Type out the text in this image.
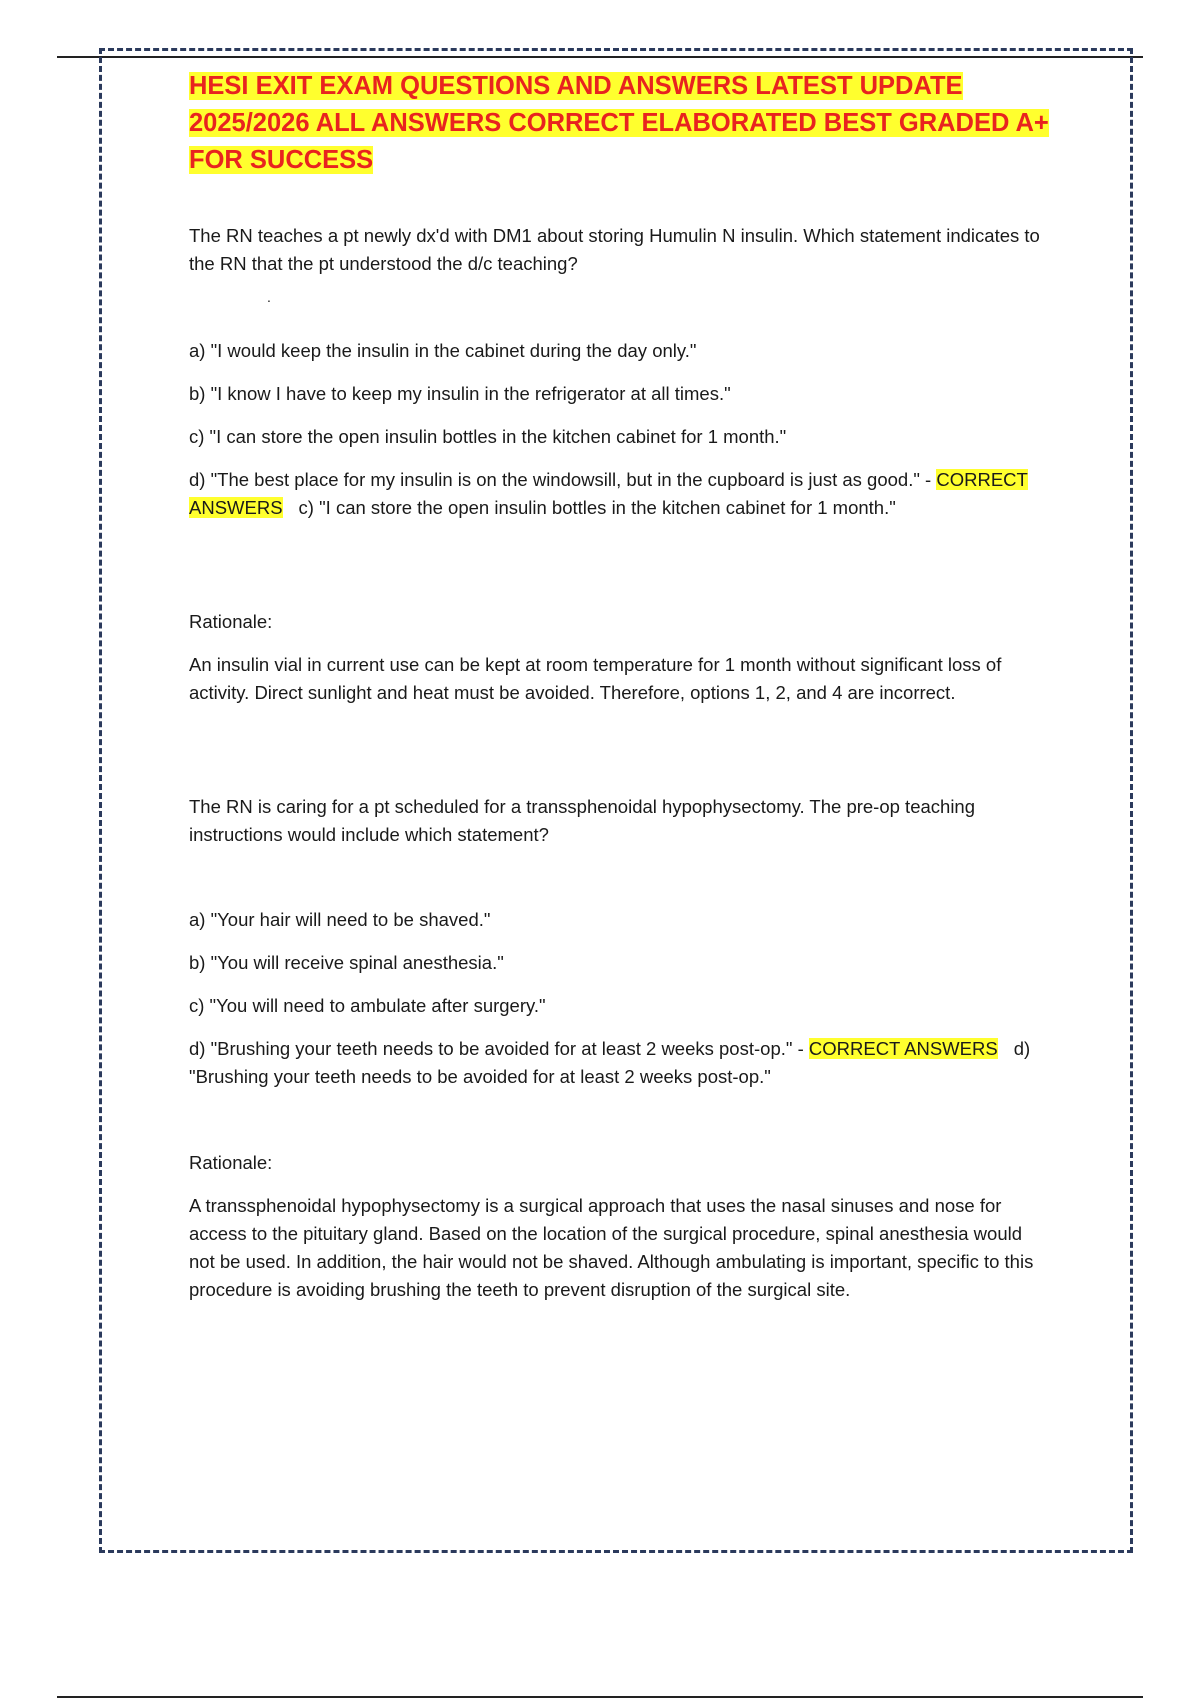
HESI EXIT EXAM QUESTIONS AND ANSWERS LATEST UPDATE 2025/2026 ALL ANSWERS CORRECT ELABORATED BEST GRADED A+ FOR SUCCESS

The RN teaches a pt newly dx'd with DM1 about storing Humulin N insulin. Which statement indicates to the RN that the pt understood the d/c teaching?

.

a) "I would keep the insulin in the cabinet during the day only."

b) "I know I have to keep my insulin in the refrigerator at all times."

c) "I can store the open insulin bottles in the kitchen cabinet for 1 month."

d) "The best place for my insulin is on the windowsill, but in the cupboard is just as good." - CORRECT ANSWERS c) "I can store the open insulin bottles in the kitchen cabinet for 1 month."

Rationale:

An insulin vial in current use can be kept at room temperature for 1 month without significant loss of activity. Direct sunlight and heat must be avoided. Therefore, options 1, 2, and 4 are incorrect.

The RN is caring for a pt scheduled for a transsphenoidal hypophysectomy. The pre-op teaching instructions would include which statement?

a) "Your hair will need to be shaved."

b) "You will receive spinal anesthesia."

c) "You will need to ambulate after surgery."

d) "Brushing your teeth needs to be avoided for at least 2 weeks post-op." - CORRECT ANSWERS d) "Brushing your teeth needs to be avoided for at least 2 weeks post-op."

Rationale:

A transsphenoidal hypophysectomy is a surgical approach that uses the nasal sinuses and nose for access to the pituitary gland. Based on the location of the surgical procedure, spinal anesthesia would not be used. In addition, the hair would not be shaved. Although ambulating is important, specific to this procedure is avoiding brushing the teeth to prevent disruption of the surgical site.
